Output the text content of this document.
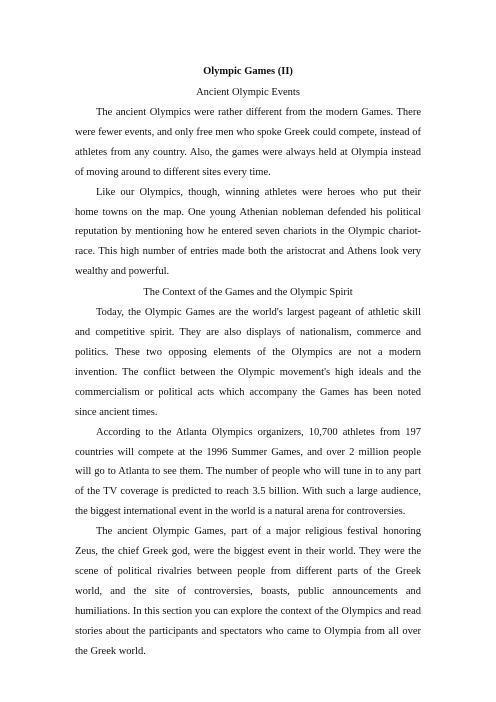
Olympic Games (II)
Ancient Olympic Events

The ancient Olympics were rather different from the modern Games. There were fewer events, and only free men who spoke Greek could compete, instead of athletes from any country. Also, the games were always held at Olympia instead of moving around to different sites every time.

Like our Olympics, though, winning athletes were heroes who put their home towns on the map. One young Athenian nobleman defended his political reputation by mentioning how he entered seven chariots in the Olympic chariot-race. This high number of entries made both the aristocrat and Athens look very wealthy and powerful.

The Context of the Games and the Olympic Spirit

Today, the Olympic Games are the world's largest pageant of athletic skill and competitive spirit. They are also displays of nationalism, commerce and politics. These two opposing elements of the Olympics are not a modern invention. The conflict between the Olympic movement's high ideals and the commercialism or political acts which accompany the Games has been noted since ancient times.

According to the Atlanta Olympics organizers, 10,700 athletes from 197 countries will compete at the 1996 Summer Games, and over 2 million people will go to Atlanta to see them. The number of people who will tune in to any part of the TV coverage is predicted to reach 3.5 billion. With such a large audience, the biggest international event in the world is a natural arena for controversies.

The ancient Olympic Games, part of a major religious festival honoring Zeus, the chief Greek god, were the biggest event in their world. They were the scene of political rivalries between people from different parts of the Greek world, and the site of controversies, boasts, public announcements and humiliations. In this section you can explore the context of the Olympics and read stories about the participants and spectators who came to Olympia from all over the Greek world.
